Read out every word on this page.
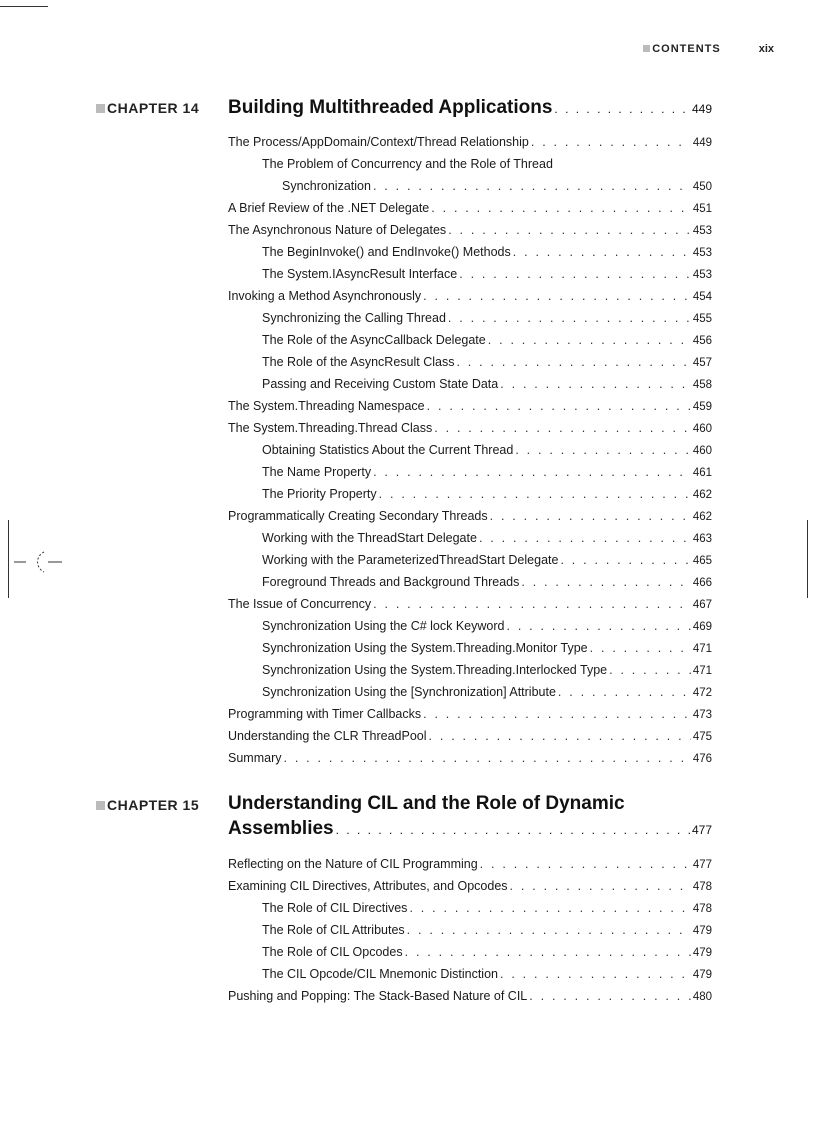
CONTENTS	xix
CHAPTER 14 Building Multithreaded Applications . . .	449
The Process/AppDomain/Context/Thread Relationship . . .	449
The Problem of Concurrency and the Role of Thread
Synchronization . . .	450
A Brief Review of the .NET Delegate . . .	451
The Asynchronous Nature of Delegates . . .	453
The BeginInvoke() and EndInvoke() Methods . . .	453
The System.IAsyncResult Interface . . .	453
Invoking a Method Asynchronously . . .	454
Synchronizing the Calling Thread . . .	455
The Role of the AsyncCallback Delegate . . .	456
The Role of the AsyncResult Class . . .	457
Passing and Receiving Custom State Data . . .	458
The System.Threading Namespace . . .	459
The System.Threading.Thread Class . . .	460
Obtaining Statistics About the Current Thread . . .	460
The Name Property . . .	461
The Priority Property . . .	462
Programmatically Creating Secondary Threads . . .	462
Working with the ThreadStart Delegate . . .	463
Working with the ParameterizedThreadStart Delegate . . .	465
Foreground Threads and Background Threads . . .	466
The Issue of Concurrency . . .	467
Synchronization Using the C# lock Keyword . . .	469
Synchronization Using the System.Threading.Monitor Type . . .	471
Synchronization Using the System.Threading.Interlocked Type . . .	471
Synchronization Using the [Synchronization] Attribute . . .	472
Programming with Timer Callbacks . . .	473
Understanding the CLR ThreadPool . . .	475
Summary . . .	476
CHAPTER 15 Understanding CIL and the Role of Dynamic
Assemblies . . .	477
Reflecting on the Nature of CIL Programming . . .	477
Examining CIL Directives, Attributes, and Opcodes . . .	478
The Role of CIL Directives . . .	478
The Role of CIL Attributes . . .	479
The Role of CIL Opcodes . . .	479
The CIL Opcode/CIL Mnemonic Distinction . . .	479
Pushing and Popping: The Stack-Based Nature of CIL . . .	480
